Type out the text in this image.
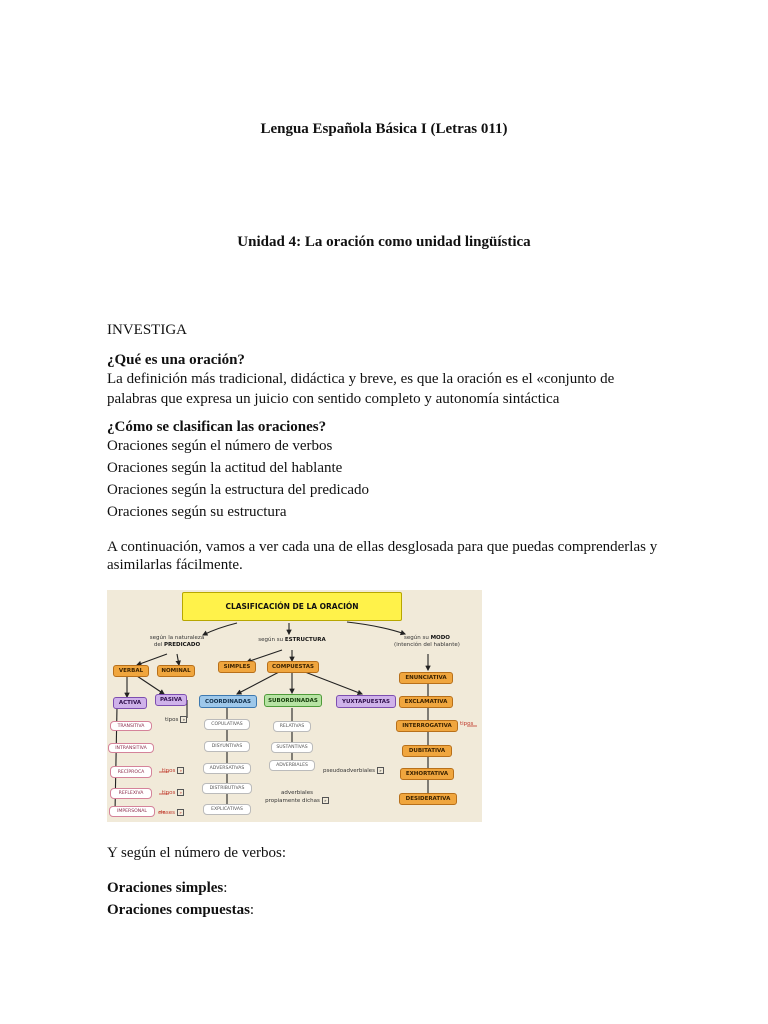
Lengua Española Básica I (Letras 011)
Unidad 4: La oración como unidad lingüística
INVESTIGA
¿Qué es una oración?
La definición más tradicional, didáctica y breve, es que la oración es el «conjunto de
palabras que expresa un juicio con sentido completo y autonomía sintáctica
¿Cómo se clasifican las oraciones?
Oraciones según el número de verbos
Oraciones según la actitud del hablante
Oraciones según la estructura del predicado
Oraciones según su estructura
A continuación, vamos a ver cada una de ellas desglosada para que puedas comprenderlas y
asimilarlas fácilmente.
CLASIFICACIÓN DE LA ORACIÓN
según la naturaleza
del PREDICADO
según su ESTRUCTURA	según su MODO
(intención del hablante)
VERBAL	NOMINAL
ACTIVA	PASIVA
tipos »
TRANSITIVA
INTRANSITIVA
RECÍPROCA
REFLEXIVA
IMPERSONAL
tipos »
tipos »
clases »
SIMPLES	COMPUESTAS
COORDINADAS	SUBORDINADAS	YUXTAPUESTAS
COPULATIVAS
DISYUNTIVAS
ADVERSATIVAS
DISTRIBUTIVAS
EXPLICATIVAS
RELATIVAS
SUSTANTIVAS
ADVERBIALES
pseudoadverbiales »
adverbiales
propiamente dichas »
ENUNCIATIVA
EXCLAMATIVA
INTERROGATIVA	tipos
DUBITATIVA
EXHORTATIVA
DESIDERATIVA
Y según el número de verbos:
Oraciones simples:
Oraciones compuestas:
